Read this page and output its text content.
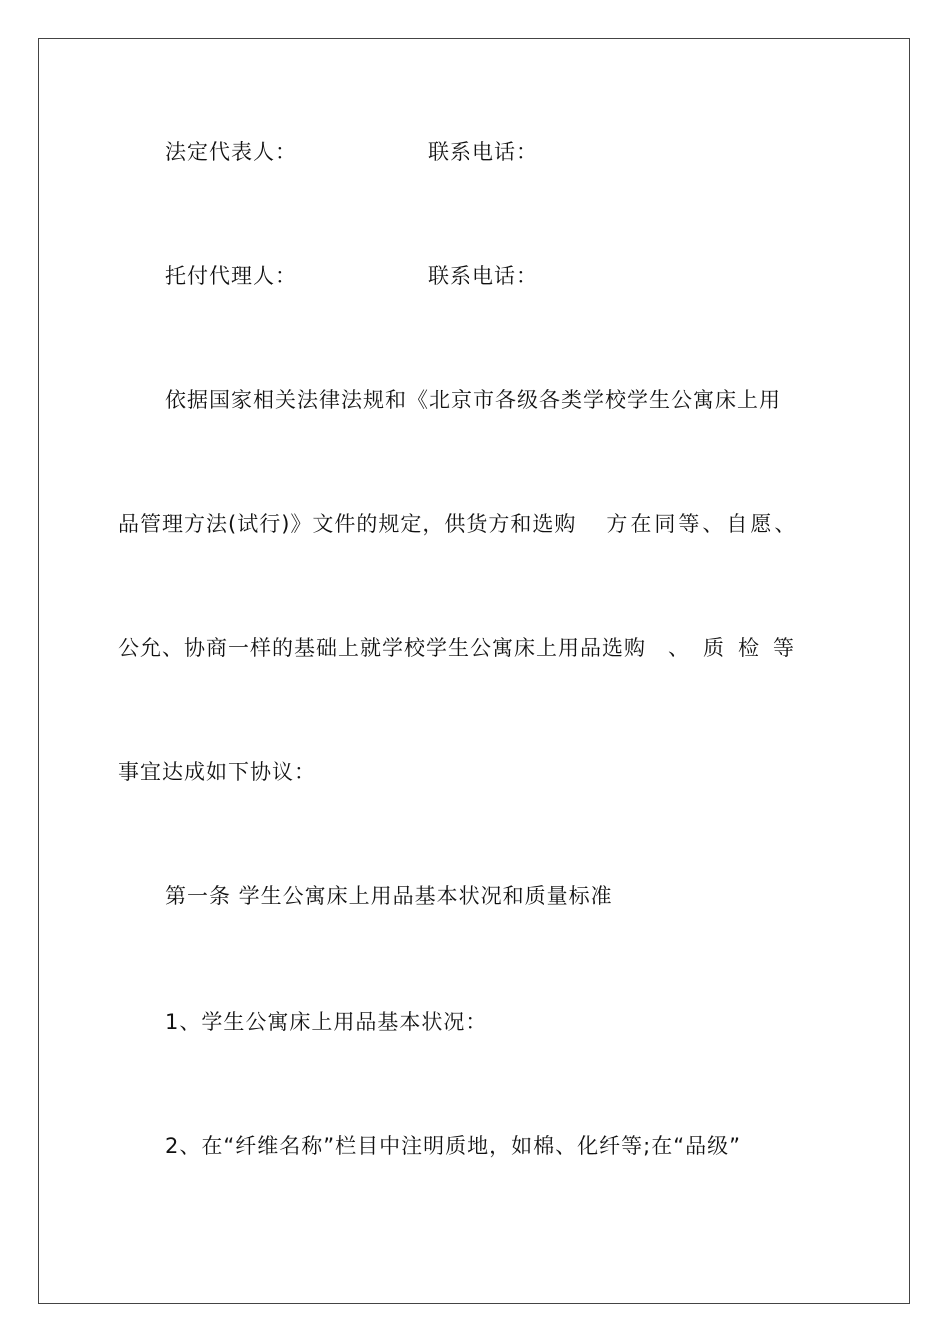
法定代表人：	联系电话：
托付代理人：	联系电话：
依据国家相关法律法规和《北京市各级各类学校学生公寓床上用
品管理方法(试行)》文件的规定，供货方和选购 方在同等、自愿、
公允、协商一样的基础上就学校学生公寓床上用品选购 、质检等
事宜达成如下协议：
第一条 学生公寓床上用品基本状况和质量标准
1、学生公寓床上用品基本状况：
2、在“纤维名称”栏目中注明质地，如棉、化纤等;在“品级”
